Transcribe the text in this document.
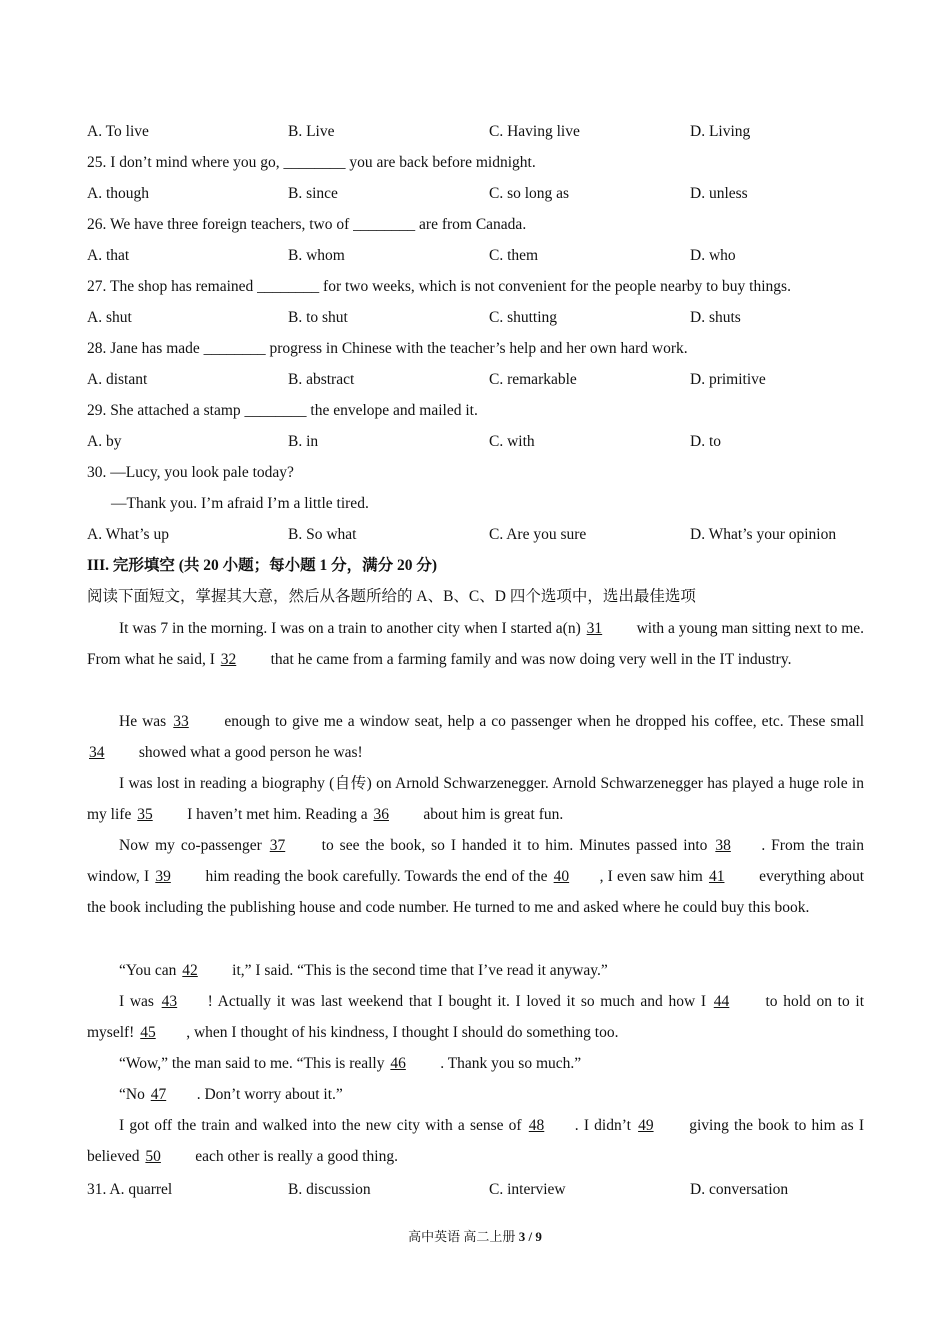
A. To live	B. Live	C. Having live	D. Living
25. I don’t mind where you go, ________ you are back before midnight.
A. though	B. since	C. so long as	D. unless
26. We have three foreign teachers, two of ________ are from Canada.
A. that	B. whom	C. them	D. who
27. The shop has remained ________ for two weeks, which is not convenient for the people nearby to buy things.
A. shut	B. to shut	C. shutting	D. shuts
28. Jane has made ________ progress in Chinese with the teacher’s help and her own hard work.
A. distant	B. abstract	C. remarkable	D. primitive
29. She attached a stamp ________ the envelope and mailed it.
A. by	B. in	C. with	D. to
30. —Lucy, you look pale today?
—Thank you. I’m afraid I’m a little tired.
A. What’s up	B. So what	C. Are you sure	D. What’s your opinion
III. 完形填空 (共 20 小题；每小题 1 分，满分 20 分)
阅读下面短文，掌握其大意，然后从各题所给的 A、B、C、D 四个选项中，选出最佳选项
It was 7 in the morning. I was on a train to another city when I started a(n) 31 with a young man sitting next to me. From what he said, I 32 that he came from a farming family and was now doing very well in the IT industry.
He was 33 enough to give me a window seat, help a co passenger when he dropped his coffee, etc. These small 34 showed what a good person he was!
I was lost in reading a biography (自传) on Arnold Schwarzenegger. Arnold Schwarzenegger has played a huge role in my life 35 I haven’t met him. Reading a 36 about him is great fun.
Now my co-passenger 37 to see the book, so I handed it to him. Minutes passed into 38 . From the train window, I 39 him reading the book carefully. Towards the end of the 40 , I even saw him 41 everything about the book including the publishing house and code number. He turned to me and asked where he could buy this book.
“You can 42 it,” I said. “This is the second time that I’ve read it anyway.”
I was 43 ! Actually it was last weekend that I bought it. I loved it so much and how I 44 to hold on to it myself! 45 , when I thought of his kindness, I thought I should do something too.
“Wow,” the man said to me. “This is really 46 . Thank you so much.”
“No 47 . Don’t worry about it.”
I got off the train and walked into the new city with a sense of 48 . I didn’t 49 giving the book to him as I believed 50 each other is really a good thing.
31. A. quarrel	B. discussion	C. interview	D. conversation
高中英语 高二上册 3 / 9
